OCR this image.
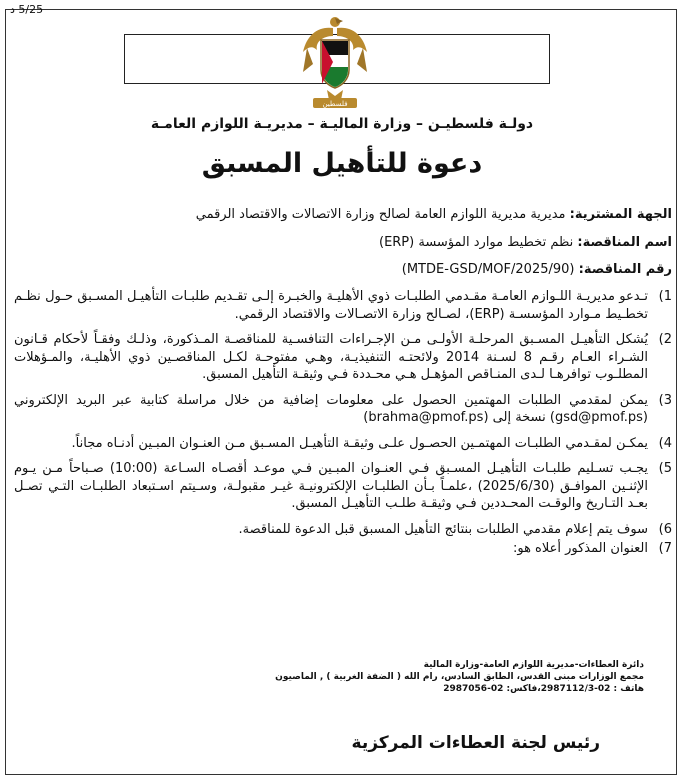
5/25 د
فلسطين
دولـة فلسطيـن – وزارة الماليـة – مديريـة اللوازم العامـة
دعوة للتأهيل المسبق
الجهة المشترية: مديرية مديرية اللوازم العامة لصالح وزارة الاتصالات والاقتصاد الرقمي
اسم المناقصة: نظم تخطيط موارد المؤسسة (ERP)
رقم المناقصة: (MTDE-GSD/MOF/2025/90)
1)
تـدعو مديريـة اللـوازم العامـة مقـدمي الطلبـات ذوي الأهليـة والخبـرة إلـى تقـديم طلبـات التأهيـل المسـبق حـول نظـم تخطـيط مـوارد المؤسسـة (ERP)، لصـالح وزارة الاتصـالات والاقتصاد الرقمي.
2)
يُشكل التأهيـل المسـبق المرحلـة الأولـى مـن الإجـراءات التنافسـية للمناقصـة المـذكورة، وذلـك وفقـاً لأحكام قـانون الشـراء العـام رقـم 8 لسـنة 2014 ولائحتـه التنفيذيـة، وهـي مفتوحـة لكـل المناقصـين ذوي الأهليـة، والمـؤهلات المطلـوب توافرهـا لـدى المنـاقص المؤهـل هـي محـددة فـي وثيقـة التأهيل المسبق.
3)
يمكن لمقدمي الطلبات المهتمين الحصول على معلومات إضافية من خلال مراسلة كتابية عبر البريد الإلكتروني (gsd@pmof.ps) نسخة إلى (brahma@pmof.ps)
4)
يمكـن لمقـدمي الطلبـات المهتمـين الحصـول علـى وثيقـة التأهيـل المسـبق مـن العنـوان المبـين أدنـاه مجاناً.
5)
يجـب تسـليم طلبـات التأهيـل المسـبق فـي العنـوان المبـين فـي موعـد أقصـاه السـاعة (10:00) صـباحاً مـن يـوم الإثنـين الموافـق (2025/6/30) ،علمـاً بـأن الطلبـات الإلكترونيـة غيـر مقبولـة، وسـيتم اسـتبعاد الطلبـات التـي تصـل بعـد التـاريخ والوقـت المحـددين فـي وثيقـة طلـب التأهيـل المسبق.
6)
سوف يتم إعلام مقدمي الطلبات بنتائج التأهيل المسبق قبل الدعوة للمناقصة.
7)
العنوان المذكور أعلاه هو:
دائرة العطاءات-مديرية اللوازم العامة-وزارة المالية
مجمع الوزارات مبنى القدس، الطابق السادس، رام الله ( الضفة الغربية ) , الماصيون
هاتف : 02-2987112/3،فاكس: 02-2987056
رئيس لجنة العطاءات المركزية
